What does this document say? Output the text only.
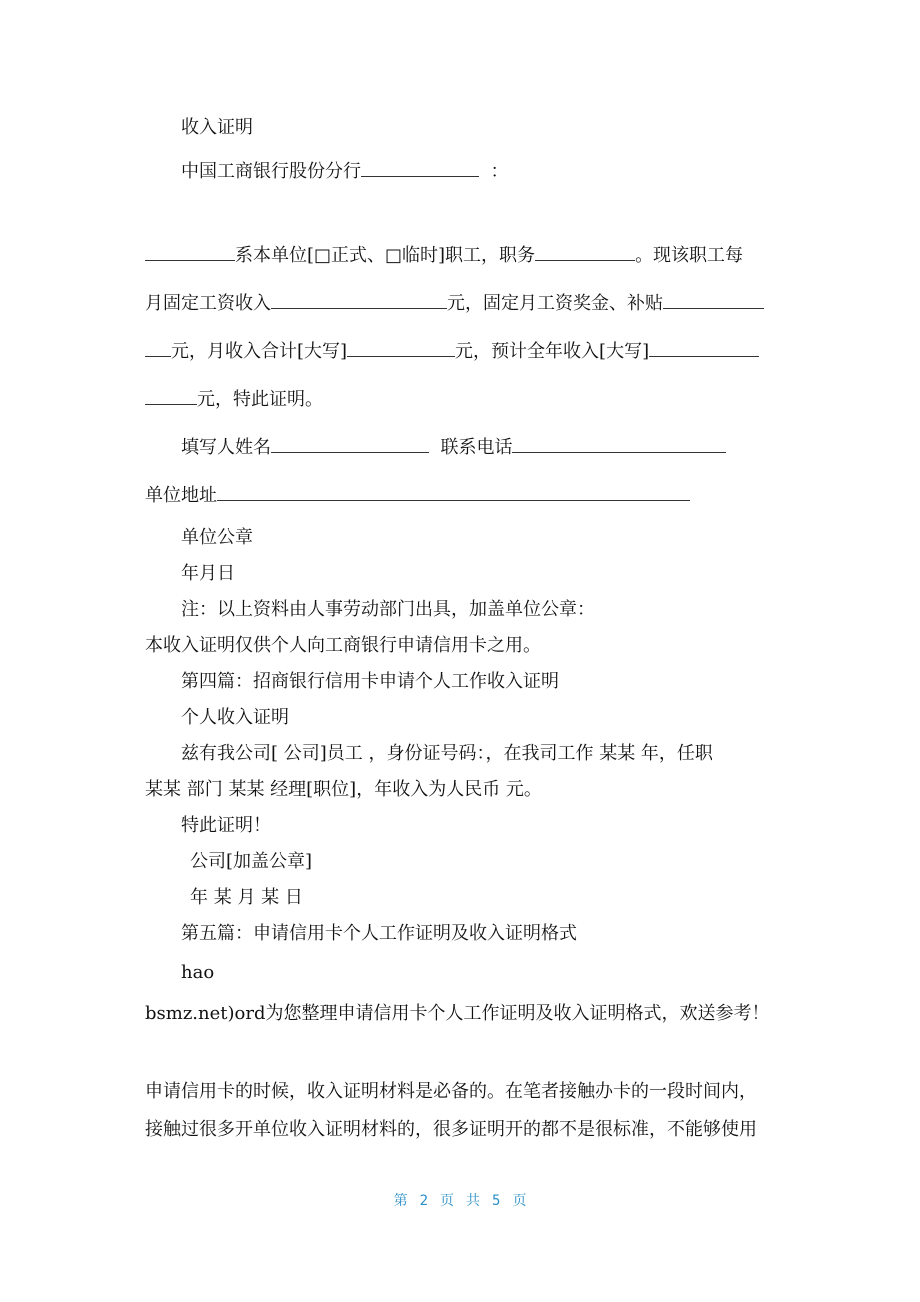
收入证明
中国工商银行股份分行	：
系本单位[□正式、□临时]职工，职务	。现该职工每
月固定工资收入	元，固定月工资奖金、补贴
元，月收入合计[大写]	元，预计全年收入[大写]
元，特此证明。
填写人姓名	联系电话
单位地址
单位公章
年月日
注：以上资料由人事劳动部门出具，加盖单位公章：
本收入证明仅供个人向工商银行申请信用卡之用。
第四篇：招商银行信用卡申请个人工作收入证明
个人收入证明
兹有我公司[ 公司]员工 ，身份证号码：，在我司工作 某某 年，任职
某某 部门 某某 经理[职位]，年收入为人民币 元。
特此证明！
公司[加盖公章]
年 某 月 某 日
第五篇：申请信用卡个人工作证明及收入证明格式
hao
bsmz.net)ord为您整理申请信用卡个人工作证明及收入证明格式，欢送参考！
申请信用卡的时候，收入证明材料是必备的。在笔者接触办卡的一段时间内，
接触过很多开单位收入证明材料的，很多证明开的都不是很标准，不能够使用
第 2 页 共 5 页
